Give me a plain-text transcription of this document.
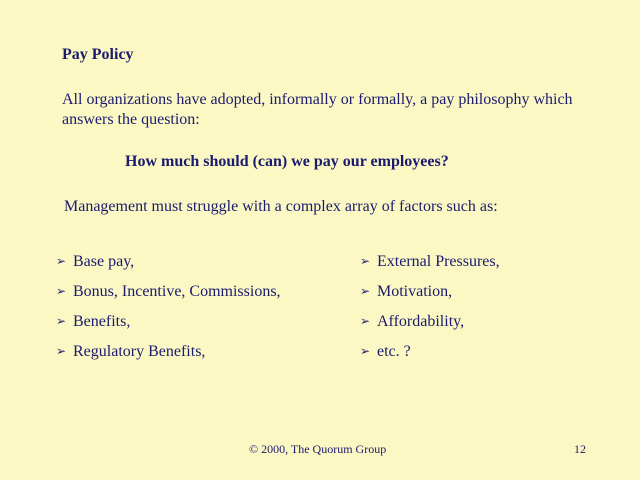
Pay Policy
All organizations have adopted, informally or formally, a pay philosophy which answers the question:
How much should (can) we pay our employees?
Management must struggle with a complex array of factors such as:
➢ Base pay,
➢ Bonus, Incentive, Commissions,
➢ Benefits,
➢ Regulatory Benefits,
➢ External Pressures,
➢ Motivation,
➢ Affordability,
➢ etc. ?
© 2000, The Quorum Group	12
